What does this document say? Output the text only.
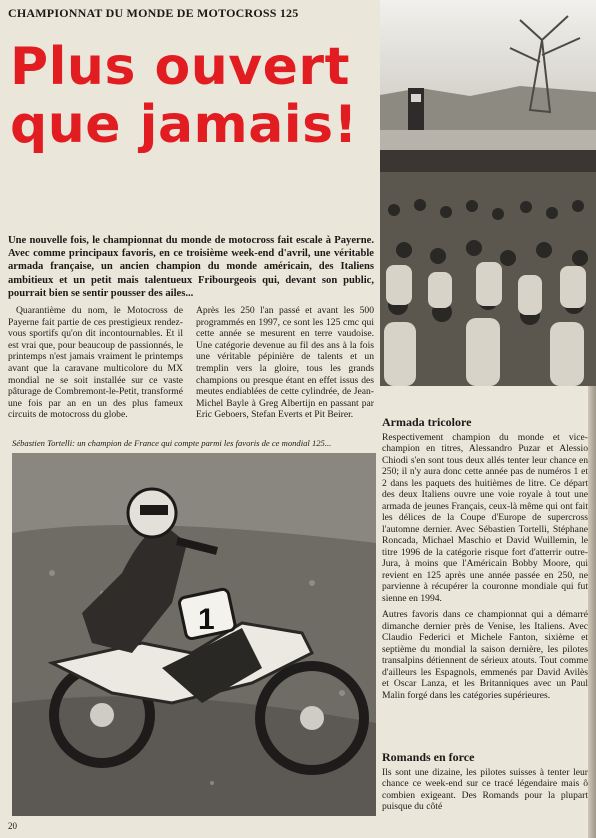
CHAMPIONNAT DU MONDE DE MOTOCROSS 125
Plus ouvert
que jamais!
Une nouvelle fois, le championnat du monde de motocross fait escale à Payerne. Avec comme principaux favoris, en ce troisième week-end d'avril, une véritable armada française, un ancien champion du monde américain, des Italiens ambitieux et un petit mais talentueux Fribourgeois qui, devant son public, pourrait bien se sentir pousser des ailes...
Quarantième du nom, le Motocross de Payerne fait partie de ces prestigieux rendez-vous sportifs qu'on dit incontournables. Et il est vrai que, pour beaucoup de passionnés, le printemps n'est jamais vraiment le printemps avant que la caravane multicolore du MX mondial ne se soit installée sur ce vaste pâturage de Combremont-le-Petit, transformé une fois par an en un des plus fameux circuits de motocross du globe.
Après les 250 l'an passé et avant les 500 programmés en 1997, ce sont les 125 cmc qui cette année se mesurent en terre vaudoise. Une catégorie devenue au fil des ans à la fois une véritable pépinière de talents et un tremplin vers la gloire, tous les grands champions ou presque étant en effet issus des meutes endiablées de cette cylindrée, de Jean-Michel Bayle à Greg Albertijn en passant par Eric Geboers, Stefan Everts et Pit Beirer.
Sébastien Tortelli: un champion de France qui compte parmi les favoris de ce mondial 125...
1
Armada tricolore

Respectivement champion du monde et vice-champion en titres, Alessandro Puzar et Alessio Chiodi s'en sont tous deux allés tenter leur chance en 250; il n'y aura donc cette année pas de numéros 1 et 2 dans les paquets des huitièmes de litre. Ce départ des deux Italiens ouvre une voie royale à tout une armada de jeunes Français, ceux-là même qui ont fait les délices de la Coupe d'Europe de supercross l'automne dernier. Avec Sébastien Tortelli, Stéphane Roncada, Michael Maschio et David Wuillemin, le titre 1996 de la catégorie risque fort d'atterrir outre-Jura, à moins que l'Américain Bobby Moore, qui revient en 125 après une année passée en 250, ne parvienne à récupérer la couronne mondiale qui fut sienne en 1994.

Autres favoris dans ce championnat qui a démarré dimanche dernier près de Venise, les Italiens. Avec Claudio Federici et Michele Fanton, sixième et septième du mondial la saison dernière, les pilotes transalpins détiennent de sérieux atouts. Tout comme d'ailleurs les Espagnols, emmenés par David Avilès et Oscar Lanza, et les Britanniques avec un Paul Malin forgé dans les catégories supérieures.

Romands en force

Ils sont une dizaine, les pilotes suisses à tenter leur chance ce week-end sur ce tracé légendaire mais ô combien exigeant. Des Romands pour la plupart puisque du côté

20
